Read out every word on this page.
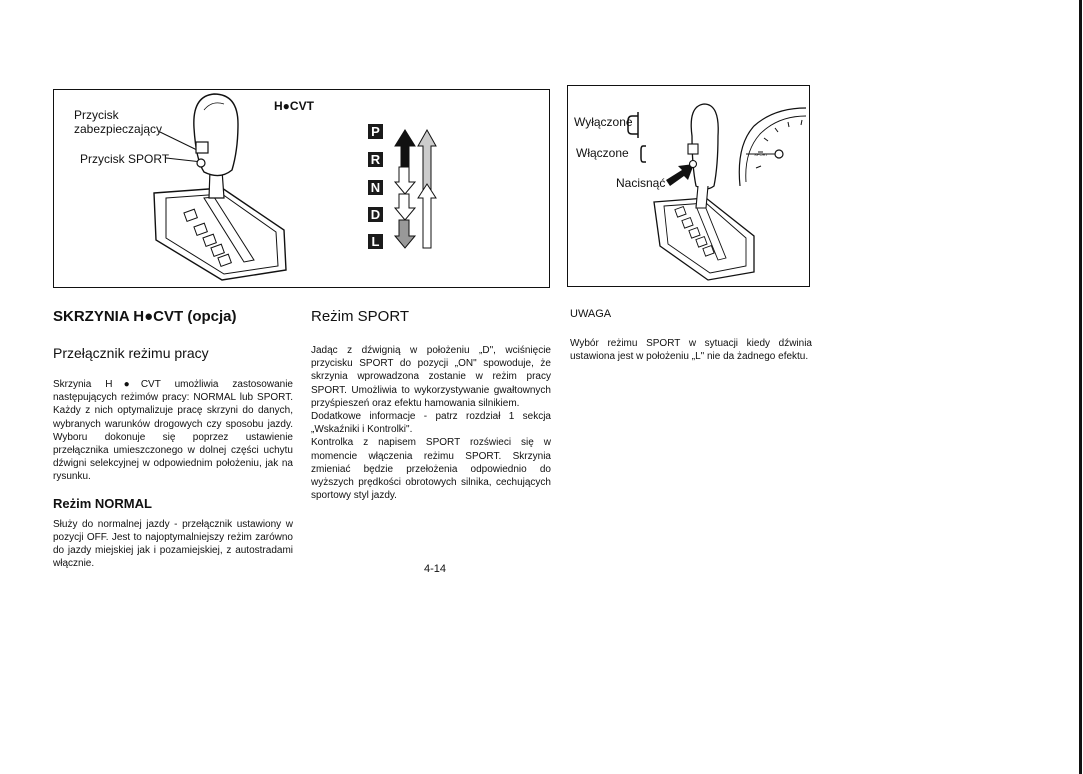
Przycisk
zabezpieczający
Przycisk SPORT
H●CVT
P
R
N
D
L
Wyłączone
Włączone
Nacisnąć
SPORT
SKRZYNIA H●CVT (opcja)
Przełącznik reżimu pracy

Skrzynia H●CVT umożliwia zastosowanie następujących reżimów pracy: NORMAL lub SPORT. Każdy z nich optymalizuje pracę skrzyni do danych, wybranych warunków drogowych czy sposobu jazdy. Wyboru dokonuje się poprzez ustawienie przełącznika umieszczonego w dolnej części uchytu dźwigni selekcyjnej w odpowiednim położeniu, jak na rysunku.

Reżim NORMAL

Służy do normalnej jazdy - przełącznik ustawiony w pozycji OFF. Jest to najoptymalniejszy reżim zarówno do jazdy miejskiej jak i pozamiejskiej, z autostradami włącznie.

Reżim SPORT

Jadąc z dźwignią w położeniu „D", wciśnięcie przycisku SPORT do pozycji „ON" spowoduje, że skrzynia wprowadzona zostanie w reżim pracy SPORT. Umożliwia to wykorzystywanie gwałtownych przyśpieszeń oraz efektu hamowania silnikiem.

Dodatkowe informacje - patrz rozdział 1 sekcja „Wskaźniki i Kontrolki".

Kontrolka z napisem SPORT rozświeci się w momencie włączenia reżimu SPORT. Skrzynia zmieniać będzie przełożenia odpowiednio do wyższych prędkości obrotowych silnika, cechujących sportowy styl jazdy.

UWAGA

Wybór reżimu SPORT w sytuacji kiedy dźwinia ustawiona jest w położeniu „L" nie da żadnego efektu.

4-14
